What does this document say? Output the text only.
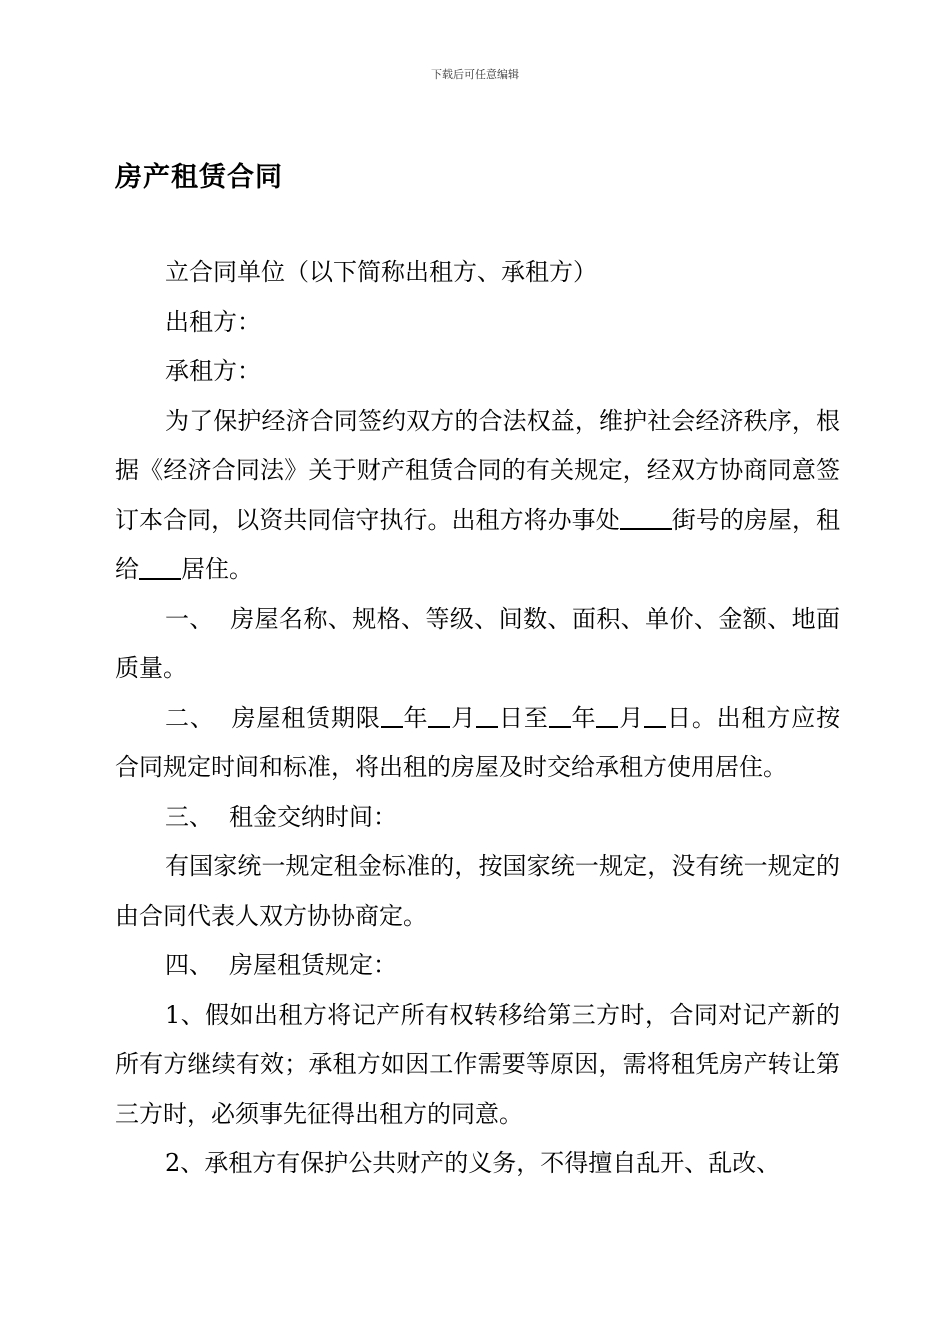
下载后可任意编辑
房产租赁合同

立合同单位（以下简称出租方、承租方）

出租方：

承租方：

为了保护经济合同签约双方的合法权益，维护社会经济秩序，根据《经济合同法》关于财产租赁合同的有关规定，经双方协商同意签订本合同，以资共同信守执行。出租方将办事处 街号的房屋，租给 居住。

一、 房屋名称、规格、等级、间数、面积、单价、金额、地面质量。

二、 房屋租赁期限 年 月 日至 年 月 日。出租方应按合同规定时间和标准，将出租的房屋及时交给承租方使用居住。

三、 租金交纳时间：

有国家统一规定租金标准的，按国家统一规定，没有统一规定的由合同代表人双方协协商定。

四、 房屋租赁规定：

1、假如出租方将记产所有权转移给第三方时，合同对记产新的所有方继续有效；承租方如因工作需要等原因，需将租凭房产转让第三方时，必须事先征得出租方的同意。

2、承租方有保护公共财产的义务，不得擅自乱开、乱改、
